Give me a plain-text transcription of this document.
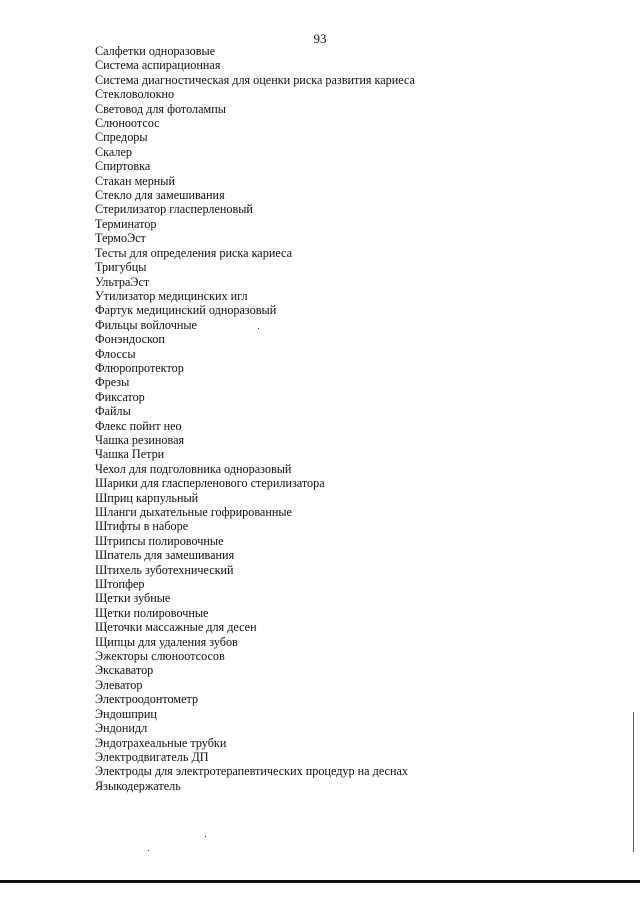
93
Салфетки одноразовые
Система аспирационная
Система диагностическая для оценки риска развития кариеса
Стекловолокно
Световод для фотолампы
Слюноотсос
Спредоры
Скалер
Спиртовка
Стакан мерный
Стекло для замешивания
Стерилизатор гласперленовый
Терминатор
ТермоЭст
Тесты для определения риска кариеса
Тригубцы
УльтраЭст
Утилизатор медицинских игл
Фартук медицинский одноразовый
Фильцы войлочные
Фонэндоскоп
Флоссы
Флюропротектор
Фрезы
Фиксатор
Файлы
Флекс пойнт нео
Чашка резиновая
Чашка Петри
Чехол для подголовника одноразовый
Шарики для гласперленового стерилизатора
Шприц карпульный
Шланги дыхательные гофрированные
Штифты в наборе
Штрипсы полировочные
Шпатель для замешивания
Штихель зуботехнический
Штопфер
Щетки зубные
Щетки полировочные
Щеточки массажные для десен
Щипцы для удаления зубов
Эжекторы слюноотсосов
Экскаватор
Элеватор
Электроодонтометр
Эндошприц
Эндонидл
Эндотрахеальные трубки
Электродвигатель ДП
Электроды для электротерапевтических процедур на деснах
Языкодержатель
